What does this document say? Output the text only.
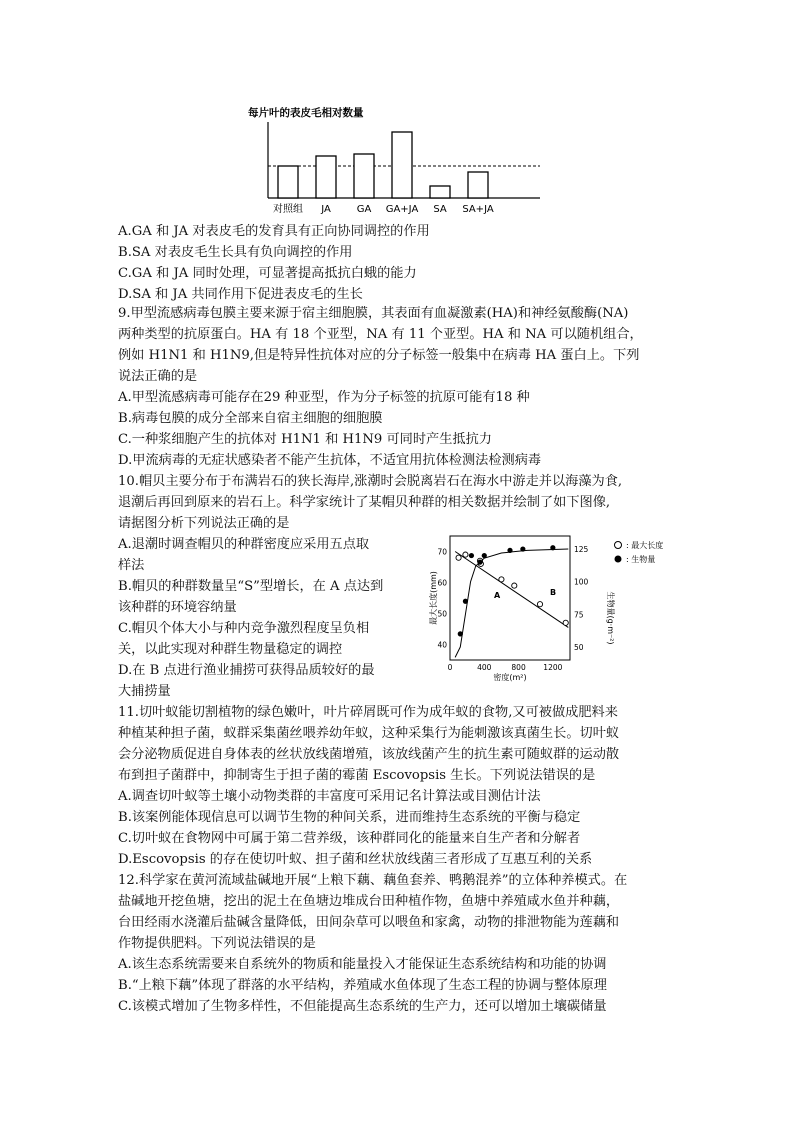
每片叶的表皮毛相对数量
对照组 JA	GA GA+JA SA SA+JA
最大长度(mm)	生物量(g·m⁻²)
密度(m²)
70
60
50
40
125
100
75
50
0	400	800 1200
A	B
: 最大长度
: 生物量
A.GA 和 JA 对表皮毛的发育具有正向协同调控的作用
B.SA 对表皮毛生长具有负向调控的作用
C.GA 和 JA 同时处理，可显著提高抵抗白蛾的能力
D.SA 和 JA 共同作用下促进表皮毛的生长
9.甲型流感病毒包膜主要来源于宿主细胞膜，其表面有血凝激素(HA)和神经氨酸酶(NA)
两种类型的抗原蛋白。HA 有 18 个亚型，NA 有 11 个亚型。HA 和 NA 可以随机组合，
例如 H1N1 和 H1N9,但是特异性抗体对应的分子标签一般集中在病毒 HA 蛋白上。下列
说法正确的是
A.甲型流感病毒可能存在29 种亚型，作为分子标签的抗原可能有18 种
B.病毒包膜的成分全部来自宿主细胞的细胞膜
C.一种浆细胞产生的抗体对 H1N1 和 H1N9 可同时产生抵抗力
D.甲流病毒的无症状感染者不能产生抗体，不适宜用抗体检测法检测病毒
10.帽贝主要分布于布满岩石的狭长海岸,涨潮时会脱离岩石在海水中游走并以海藻为食,
退潮后再回到原来的岩石上。科学家统计了某帽贝种群的相关数据并绘制了如下图像,
请据图分析下列说法正确的是
A.退潮时调查帽贝的种群密度应采用五点取
样法
B.帽贝的种群数量呈“S”型增长，在 A 点达到
该种群的环境容纳量
C.帽贝个体大小与种内竞争激烈程度呈负相
关，以此实现对种群生物量稳定的调控
D.在 B 点进行渔业捕捞可获得品质较好的最
大捕捞量
11.切叶蚁能切割植物的绿色嫩叶，叶片碎屑既可作为成年蚁的食物,又可被做成肥料来
种植某种担子菌，蚁群采集菌丝喂养幼年蚁，这种采集行为能刺激该真菌生长。切叶蚁
会分泌物质促进自身体表的丝状放线菌增殖，该放线菌产生的抗生素可随蚁群的运动散
布到担子菌群中，抑制寄生于担子菌的霉菌 Escovopsis 生长。下列说法错误的是
A.调查切叶蚁等土壤小动物类群的丰富度可采用记名计算法或目测估计法
B.该案例能体现信息可以调节生物的种间关系，进而维持生态系统的平衡与稳定
C.切叶蚁在食物网中可属于第二营养级，该种群同化的能量来自生产者和分解者
D.Escovopsis 的存在使切叶蚁、担子菌和丝状放线菌三者形成了互惠互利的关系
12.科学家在黄河流域盐碱地开展“上粮下藕、藕鱼套养、鸭鹅混养”的立体种养模式。在
盐碱地开挖鱼塘，挖出的泥土在鱼塘边堆成台田种植作物，鱼塘中养殖咸水鱼并种藕，
台田经雨水浇灌后盐碱含量降低，田间杂草可以喂鱼和家禽，动物的排泄物能为莲藕和
作物提供肥料。下列说法错误的是
A.该生态系统需要来自系统外的物质和能量投入才能保证生态系统结构和功能的协调
B.“上粮下藕”体现了群落的水平结构，养殖咸水鱼体现了生态工程的协调与整体原理
C.该模式增加了生物多样性，不但能提高生态系统的生产力，还可以增加土壤碳储量
